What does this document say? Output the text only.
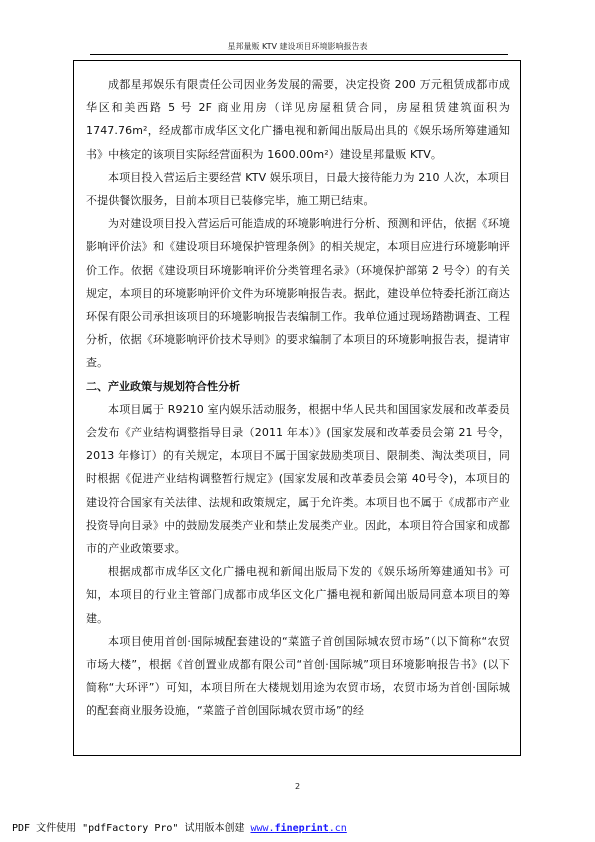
星邦量贩 KTV 建设项目环境影响报告表

成都星邦娱乐有限责任公司因业务发展的需要，决定投资 200 万元租赁成都市成华区和美西路 5 号 2F 商业用房（详见房屋租赁合同，房屋租赁建筑面积为1747.76m²，经成都市成华区文化广播电视和新闻出版局出具的《娱乐场所筹建通知书》中核定的该项目实际经营面积为 1600.00m²）建设星邦量贩 KTV。

本项目投入营运后主要经营 KTV 娱乐项目，日最大接待能力为 210 人次，本项目不提供餐饮服务，目前本项目已装修完毕，施工期已结束。

为对建设项目投入营运后可能造成的环境影响进行分析、预测和评估，依据《环境影响评价法》和《建设项目环境保护管理条例》的相关规定，本项目应进行环境影响评价工作。依据《建设项目环境影响评价分类管理名录》（环境保护部第 2 号令）的有关规定，本项目的环境影响评价文件为环境影响报告表。据此，建设单位特委托浙江商达环保有限公司承担该项目的环境影响报告表编制工作。我单位通过现场踏勘调查、工程分析，依据《环境影响评价技术导则》的要求编制了本项目的环境影响报告表，提请审查。

二、产业政策与规划符合性分析

本项目属于 R9210 室内娱乐活动服务，根据中华人民共和国国家发展和改革委员会发布《产业结构调整指导目录（2011 年本）》(国家发展和改革委员会第 21 号令，2013 年修订）的有关规定，本项目不属于国家鼓励类项目、限制类、淘汰类项目，同时根据《促进产业结构调整暂行规定》(国家发展和改革委员会第 40号令)，本项目的建设符合国家有关法律、法规和政策规定，属于允许类。本项目也不属于《成都市产业投资导向目录》中的鼓励发展类产业和禁止发展类产业。因此，本项目符合国家和成都市的产业政策要求。

根据成都市成华区文化广播电视和新闻出版局下发的《娱乐场所筹建通知书》可知，本项目的行业主管部门成都市成华区文化广播电视和新闻出版局同意本项目的筹建。

本项目使用首创·国际城配套建设的“菜篮子首创国际城农贸市场”（以下简称“农贸市场大楼”，根据《首创置业成都有限公司“首创·国际城”项目环境影响报告书》(以下简称“大环评”）可知，本项目所在大楼规划用途为农贸市场，农贸市场为首创·国际城的配套商业服务设施，“菜篮子首创国际城农贸市场”的经

2
PDF 文件使用 "pdfFactory Pro" 试用版本创建 www.fineprint.cn
